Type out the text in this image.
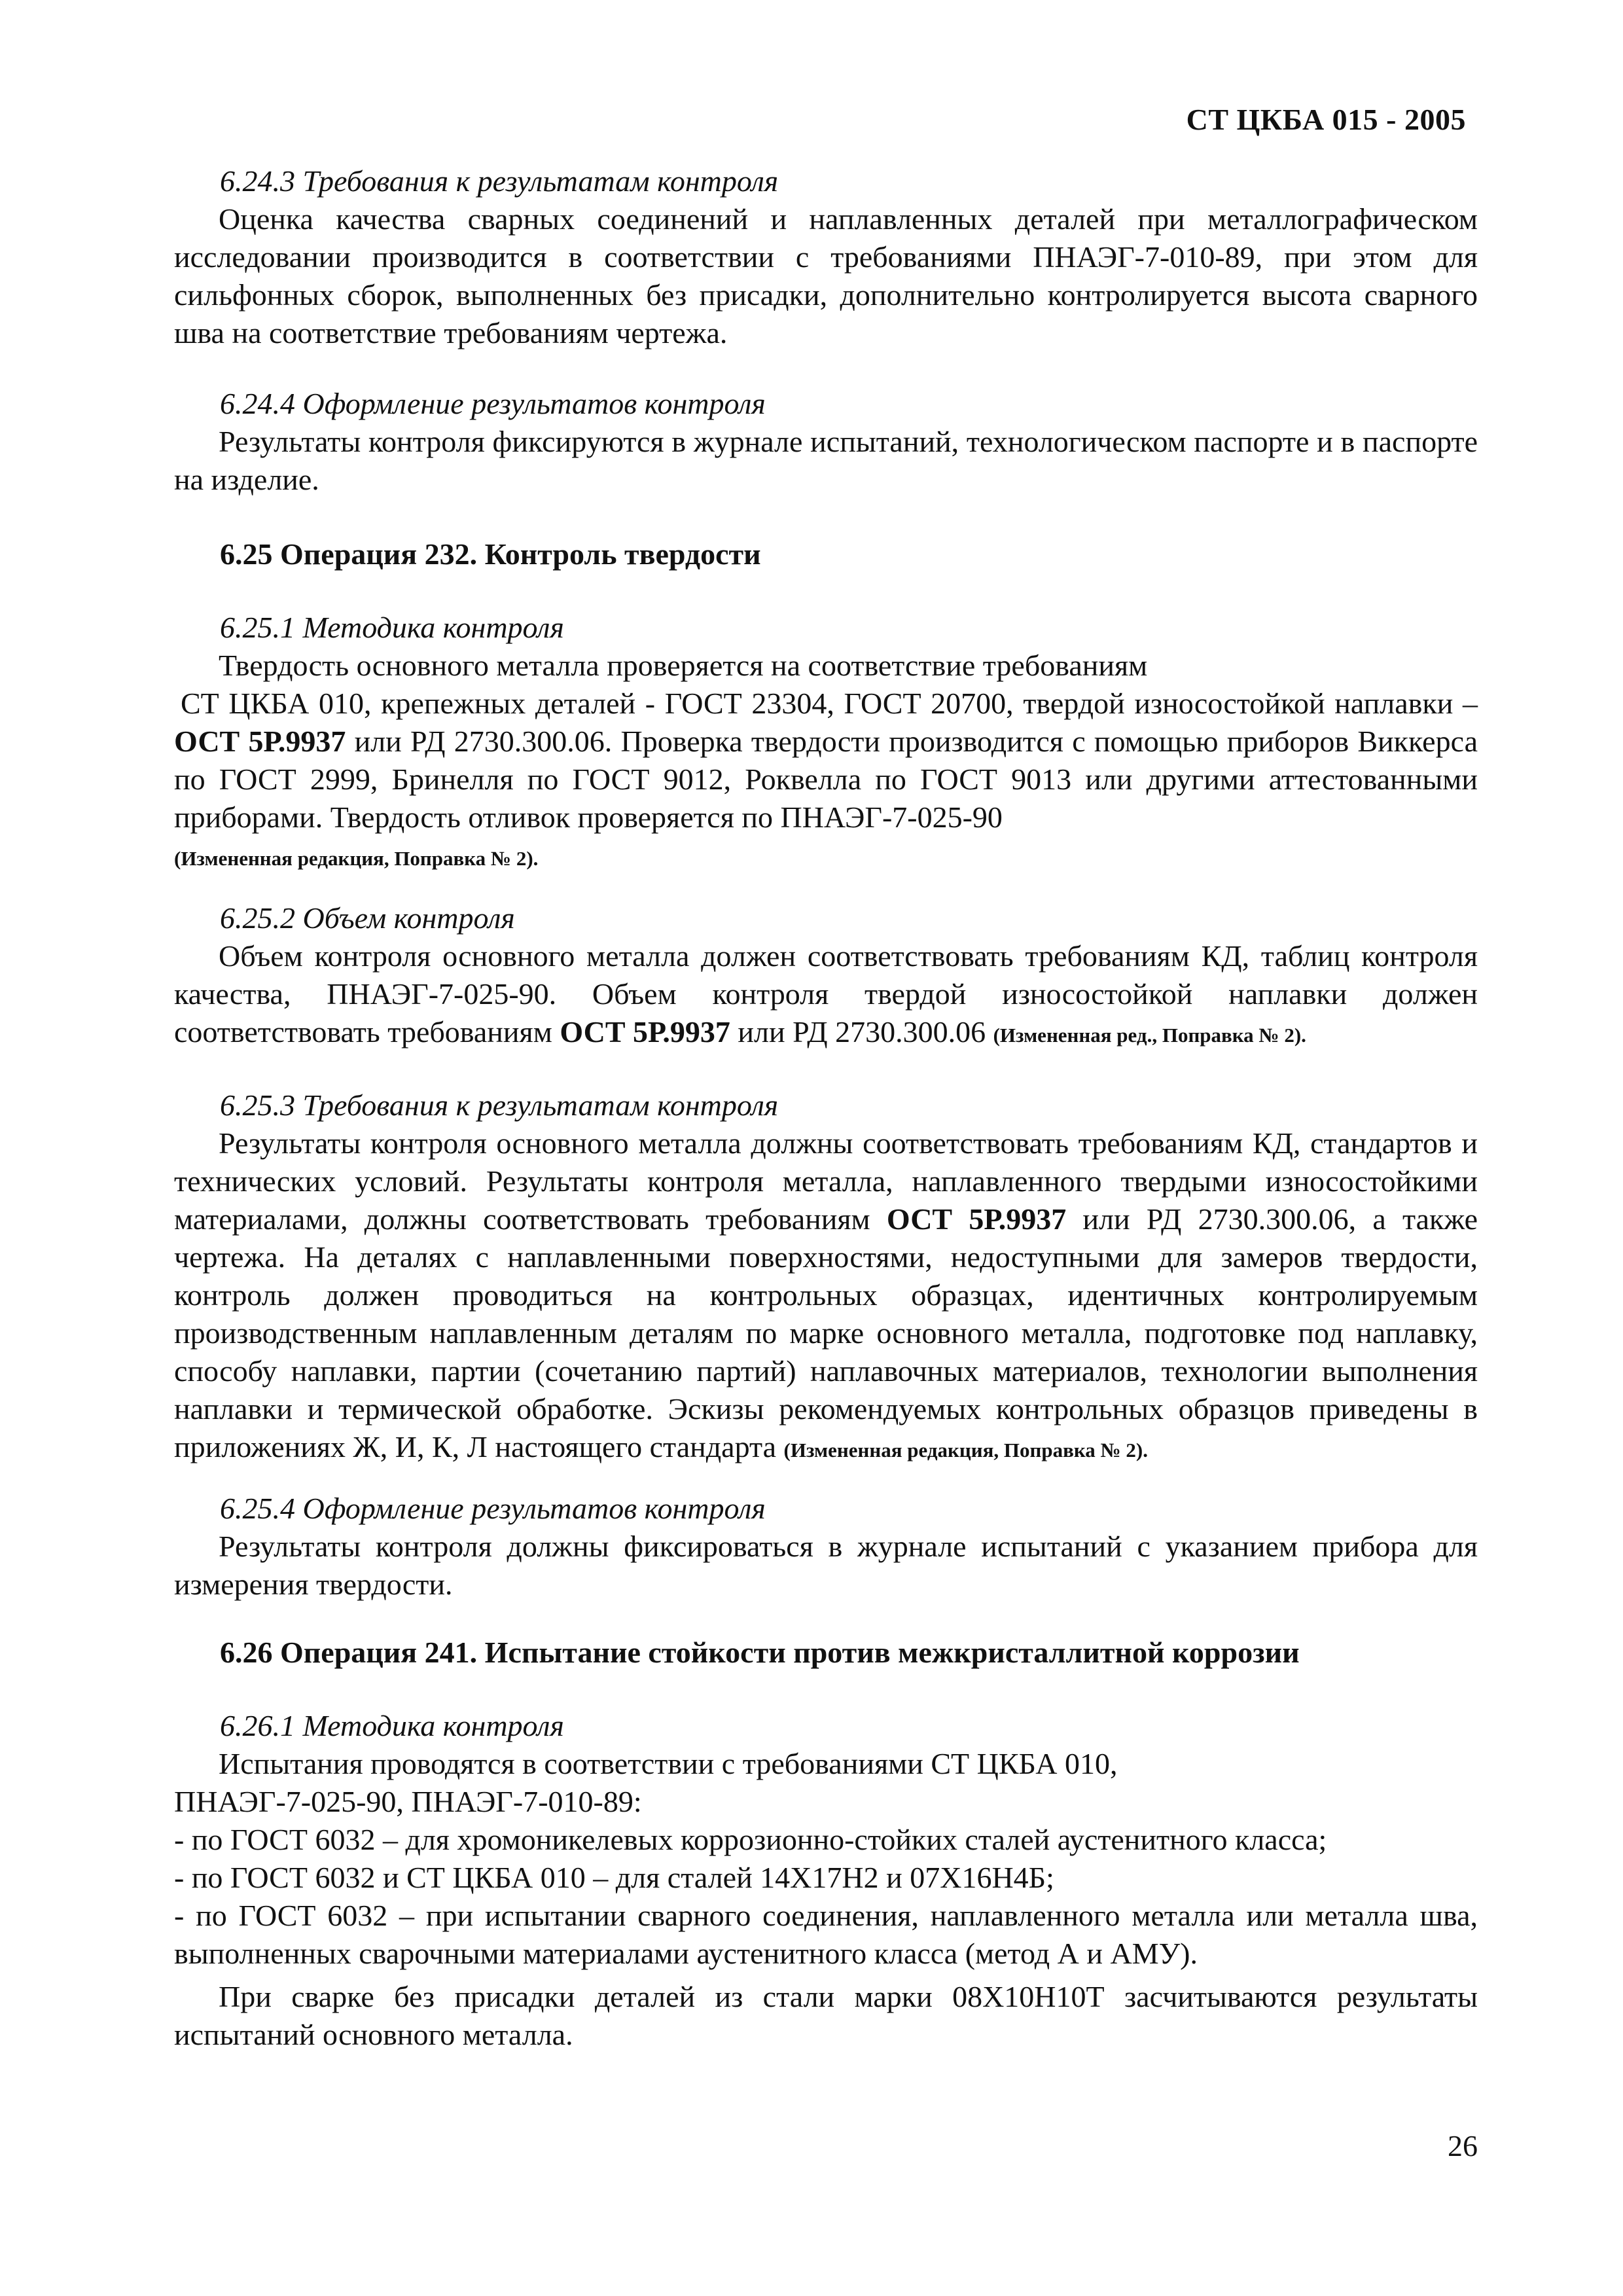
СТ ЦКБА 015 - 2005

6.24.3 Требования к результатам контроля

Оценка качества сварных соединений и наплавленных деталей при металлографическом исследовании производится в соответствии с требованиями ПНАЭГ-7-010-89, при этом для сильфонных сборок, выполненных без присадки, дополнительно контролируется высота сварного шва на соответствие требованиям чертежа.

6.24.4 Оформление результатов контроля

Результаты контроля фиксируются в журнале испытаний, технологическом паспорте и в паспорте на изделие.

6.25 Операция 232. Контроль твердости

6.25.1 Методика контроля

Твердость основного металла проверяется на соответствие требованиям

СТ ЦКБА 010, крепежных деталей - ГОСТ 23304, ГОСТ 20700, твердой износостойкой наплавки – ОСТ 5Р.9937 или РД 2730.300.06. Проверка твердости производится с помощью приборов Виккерса по ГОСТ 2999, Бринелля по ГОСТ 9012, Роквелла по ГОСТ 9013 или другими аттестованными приборами. Твердость отливок проверяется по ПНАЭГ-7-025-90

(Измененная редакция, Поправка № 2).

6.25.2 Объем контроля

Объем контроля основного металла должен соответствовать требованиям КД, таблиц контроля качества, ПНАЭГ-7-025-90. Объем контроля твердой износостойкой наплавки должен соответствовать требованиям ОСТ 5Р.9937 или РД 2730.300.06 (Измененная ред., Поправка № 2).

6.25.3 Требования к результатам контроля

Результаты контроля основного металла должны соответствовать требованиям КД, стандартов и технических условий. Результаты контроля металла, наплавленного твердыми износостойкими материалами, должны соответствовать требованиям ОСТ 5Р.9937 или РД 2730.300.06, а также чертежа. На деталях с наплавленными поверхностями, недоступными для замеров твердости, контроль должен проводиться на контрольных образцах, идентичных контролируемым производственным наплавленным деталям по марке основного металла, подготовке под наплавку, способу наплавки, партии (сочетанию партий) наплавочных материалов, технологии выполнения наплавки и термической обработке. Эскизы рекомендуемых контрольных образцов приведены в приложениях Ж, И, К, Л настоящего стандарта (Измененная редакция, Поправка № 2).

6.25.4 Оформление результатов контроля

Результаты контроля должны фиксироваться в журнале испытаний с указанием прибора для измерения твердости.

6.26 Операция 241. Испытание стойкости против межкристаллитной коррозии

6.26.1 Методика контроля

Испытания проводятся в соответствии с требованиями СТ ЦКБА 010,

ПНАЭГ-7-025-90, ПНАЭГ-7-010-89:

- по ГОСТ 6032 – для хромоникелевых коррозионно-стойких сталей аустенитного класса;

- по ГОСТ 6032 и СТ ЦКБА 010 – для сталей 14Х17Н2 и 07Х16Н4Б;

- по ГОСТ 6032 – при испытании сварного соединения, наплавленного металла или металла шва, выполненных сварочными материалами аустенитного класса (метод А и АМУ).

При сварке без присадки деталей из стали марки 08Х10Н10Т засчитываются результаты испытаний основного металла.

26
